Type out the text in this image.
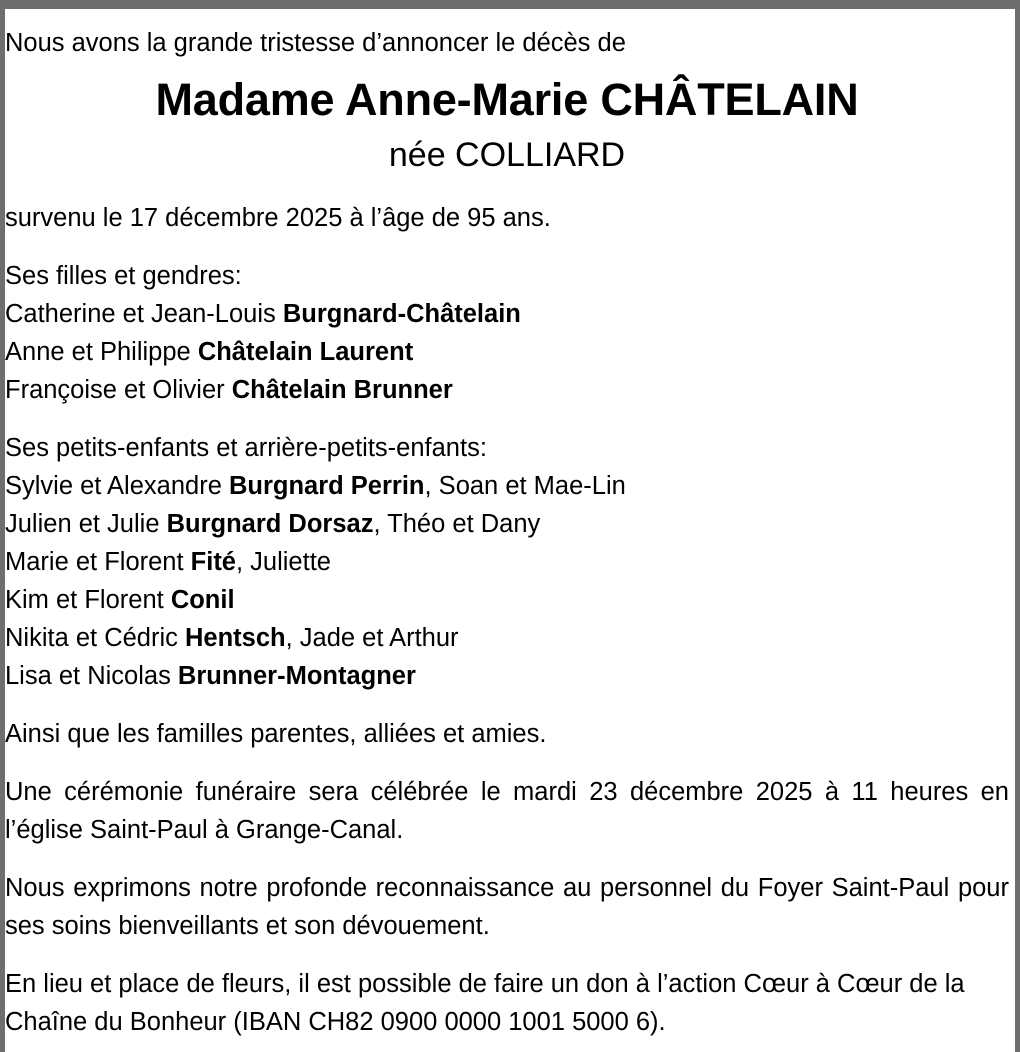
Nous avons la grande tristesse d’annoncer le décès de
Madame Anne-Marie CHÂTELAIN
née COLLIARD
survenu le 17 décembre 2025 à l’âge de 95 ans.
Ses filles et gendres:
Catherine et Jean-Louis Burgnard-Châtelain
Anne et Philippe Châtelain Laurent
Françoise et Olivier Châtelain Brunner
Ses petits-enfants et arrière-petits-enfants:
Sylvie et Alexandre Burgnard Perrin, Soan et Mae-Lin
Julien et Julie Burgnard Dorsaz, Théo et Dany
Marie et Florent Fité, Juliette
Kim et Florent Conil
Nikita et Cédric Hentsch, Jade et Arthur
Lisa et Nicolas Brunner-Montagner
Ainsi que les familles parentes, alliées et amies.
Une cérémonie funéraire sera célébrée le mardi 23 décembre 2025 à 11 heures en l’église Saint-Paul à Grange-Canal.
Nous exprimons notre profonde reconnaissance au personnel du Foyer Saint-Paul pour ses soins bienveillants et son dévouement.
En lieu et place de fleurs, il est possible de faire un don à l’action Cœur à Cœur de la Chaîne du Bonheur (IBAN CH82 0900 0000 1001 5000 6).
